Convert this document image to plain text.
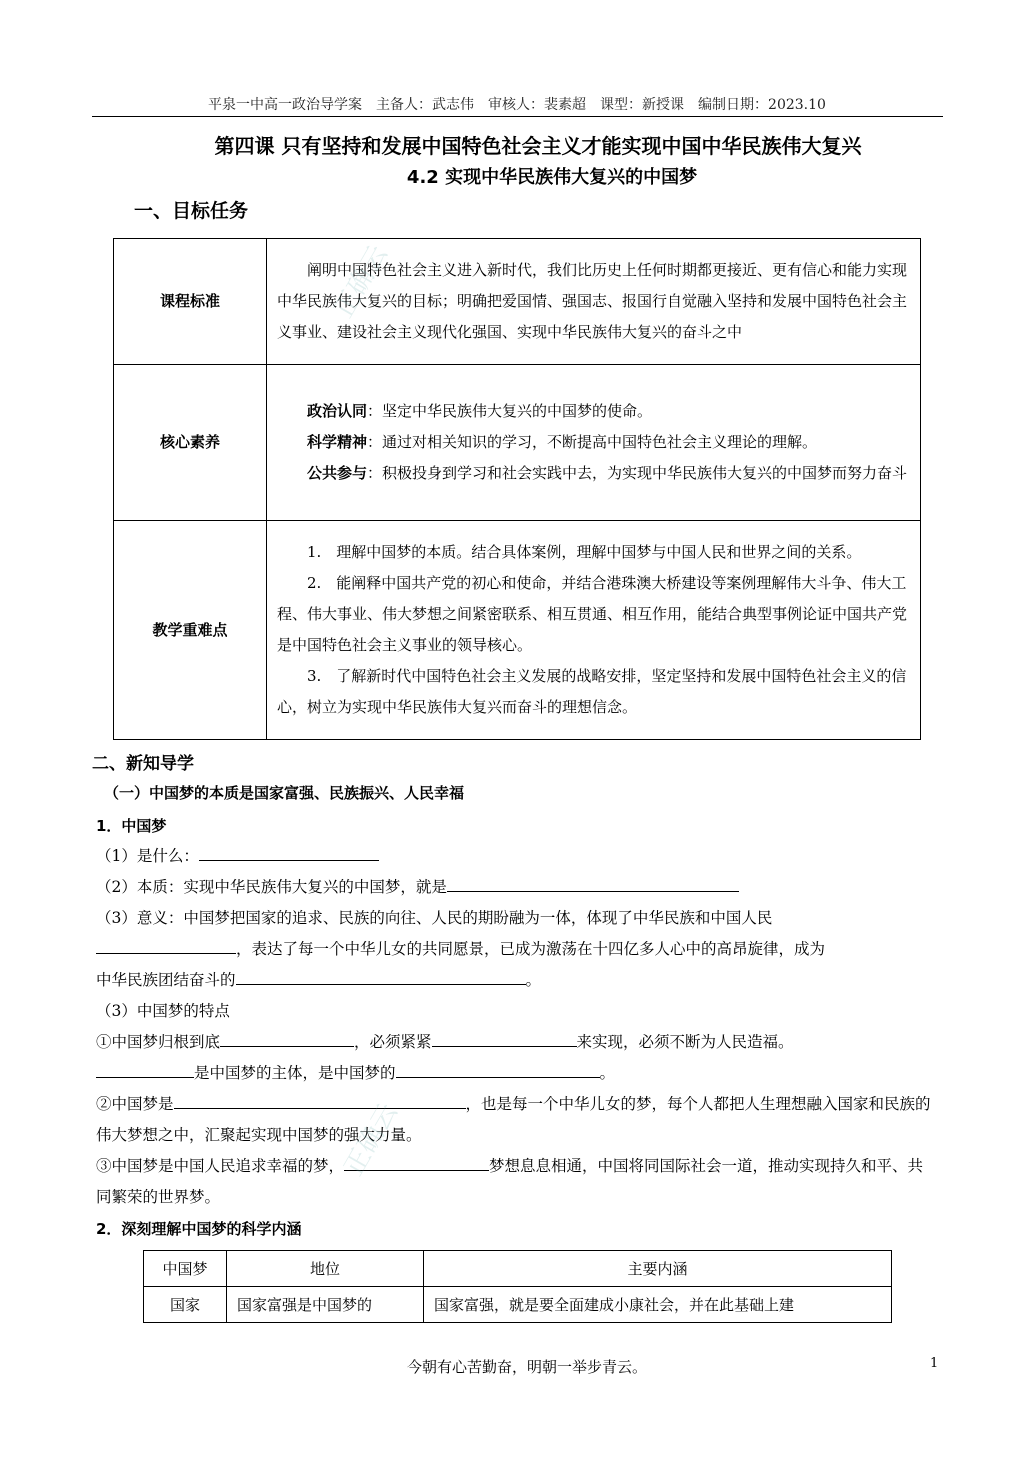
平泉一中高一政治导学案　主备人：武志伟　审核人：裴素超　课型：新授课　编制日期：2023.10
第四课 只有坚持和发展中国特色社会主义才能实现中国中华民族伟大复兴
4.2 实现中华民族伟大复兴的中国梦
一、目标任务
课程标准	阐明中国特色社会主义进入新时代，我们比历史上任何时期都更接近、更有信心和能力实现中华民族伟大复兴的目标；明确把爱国情、强国志、报国行自觉融入坚持和发展中国特色社会主义事业、建设社会主义现代化强国、实现中华民族伟大复兴的奋斗之中
核心素养	政治认同：坚定中华民族伟大复兴的中国梦的使命。
科学精神：通过对相关知识的学习，不断提高中国特色社会主义理论的理解。
公共参与：积极投身到学习和社会实践中去，为实现中华民族伟大复兴的中国梦而努力奋斗

教学重难点	1.　理解中国梦的本质。结合具体案例，理解中国梦与中国人民和世界之间的关系。
2.　能阐释中国共产党的初心和使命，并结合港珠澳大桥建设等案例理解伟大斗争、伟大工程、伟大事业、伟大梦想之间紧密联系、相互贯通、相互作用，能结合典型事例论证中国共产党是中国特色社会主义事业的领导核心。
3.　了解新时代中国特色社会主义发展的战略安排，坚定坚持和发展中国特色社会主义的信心，树立为实现中华民族伟大复兴而奋斗的理想信念。
二、新知导学
（一）中国梦的本质是国家富强、民族振兴、人民幸福
1．中国梦
（1）是什么：
（2）本质：实现中华民族伟大复兴的中国梦，就是
（3）意义：中国梦把国家的追求、民族的向往、人民的期盼融为一体，体现了中华民族和中国人民
，表达了每一个中华儿女的共同愿景，已成为激荡在十四亿多人心中的高昂旋律，成为
中华民族团结奋斗的	。
（3）中国梦的特点
①中国梦归根到底	，必须紧紧	来实现，必须不断为人民造福。
是中国梦的主体，是中国梦的	。
②中国梦是	，也是每一个中华儿女的梦，每个人都把人生理想融入国家和民族的伟大梦想之中，汇聚起实现中国梦的强大力量。
③中国梦是中国人民追求幸福的梦，	梦想息息相通，中国将同国际社会一道，推动实现持久和平、共同繁荣的世界梦。
2．深刻理解中国梦的科学内涵
中国梦	地位	主要内涵
国家	国家富强是中国梦的	国家富强，就是要全面建成小康社会，并在此基础上建
今朝有心苦勤奋，明朝一举步青云。	1
正确云
正确云
